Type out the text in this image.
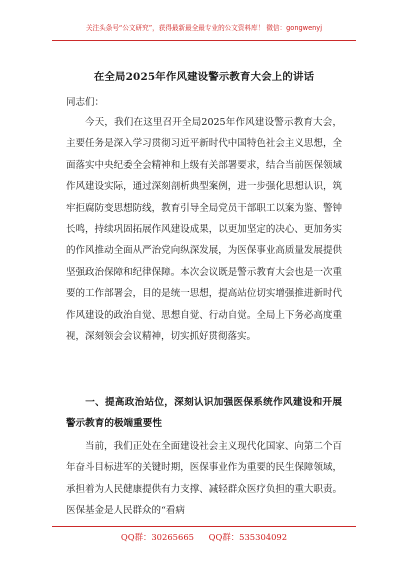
关注头条号“公文研究”，获得最新最全最专业的公文资料库！ 微信：gongwenyj
在全局2025年作风建设警示教育大会上的讲话
同志们：
今天，我们在这里召开全局2025年作风建设警示教育大会，主要任务是深入学习贯彻习近平新时代中国特色社会主义思想，全面落实中央纪委全会精神和上级有关部署要求，结合当前医保领域作风建设实际，通过深刻剖析典型案例，进一步强化思想认识，筑牢拒腐防变思想防线，教育引导全局党员干部职工以案为鉴、警钟长鸣，持续巩固拓展作风建设成果，以更加坚定的决心、更加务实的作风推动全面从严治党向纵深发展，为医保事业高质量发展提供坚强政治保障和纪律保障。本次会议既是警示教育大会也是一次重要的工作部署会，目的是统一思想，提高站位切实增强推进新时代作风建设的政治自觉、思想自觉、行动自觉。全局上下务必高度重视，深刻领会会议精神，切实抓好贯彻落实。
一、提高政治站位，深刻认识加强医保系统作风建设和开展警示教育的极端重要性
当前，我们正处在全面建设社会主义现代化国家、向第二个百年奋斗目标进军的关键时期，医保事业作为重要的民生保障领域，承担着为人民健康提供有力支撑、减轻群众医疗负担的重大职责。医保基金是人民群众的“看病
QQ群：30265665 QQ群：535304092
